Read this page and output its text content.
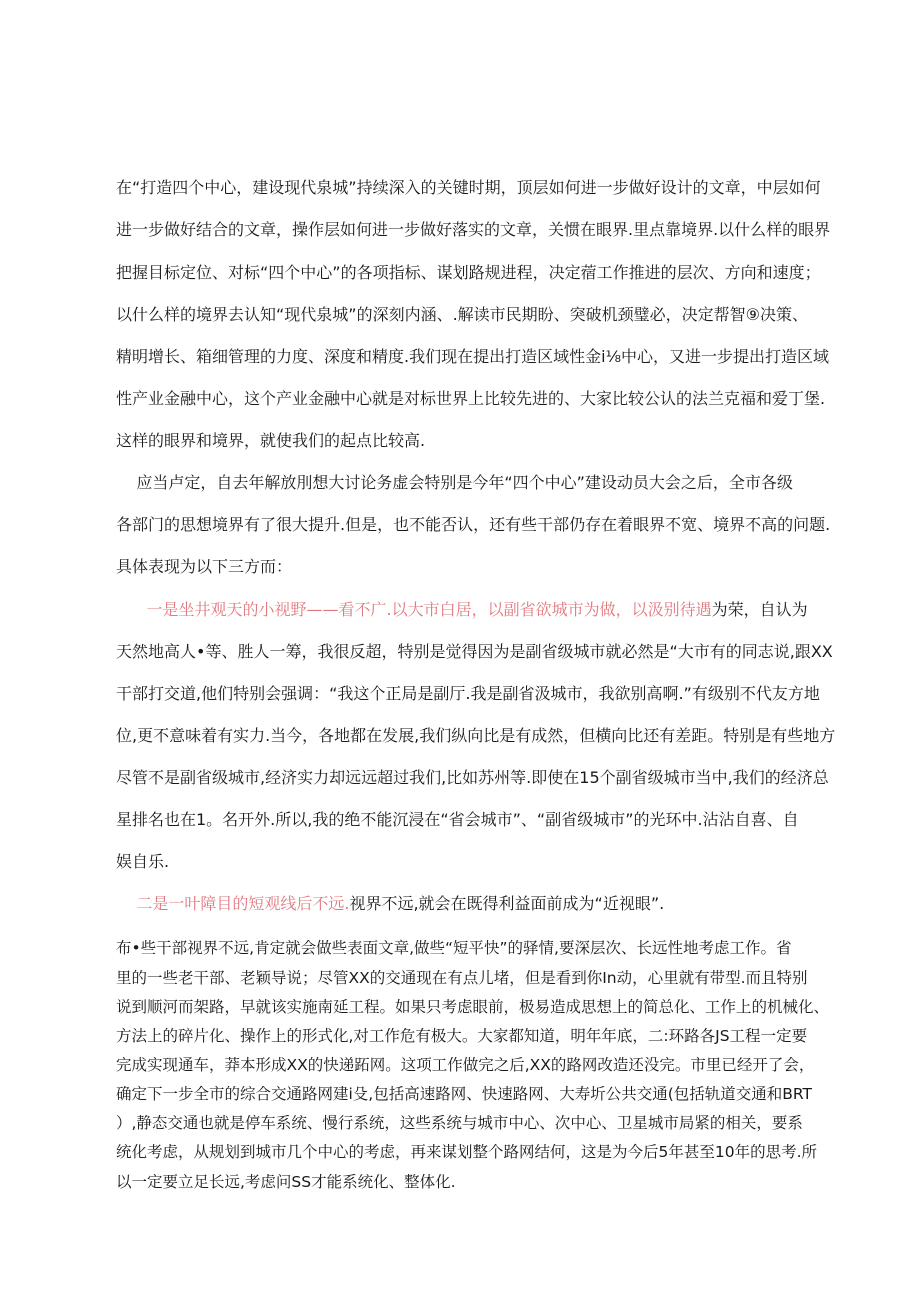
在“打造四个中心，建设现代泉城”持续深入的关键时期，顶层如何进一步做好设计的文章，中层如何
进一步做好结合的文章，操作层如何进一步做好落实的文章，关惯在眼界.里点靠境界.以什么样的眼界
把握目标定位、对标“四个中心”的各项指标、谋划路规进程，决定蓿工作推进的层次、方向和速度；
以什么样的境界去认知“现代泉城”的深刻内涵、.解读市民期盼、突破机颈璧必，决定帮智⑨决策、
精明增长、箱细管理的力度、深度和精度.我们现在提出打造区域性金i⅛中心，又进一步提出打造区域
性产业金融中心，这个产业金融中心就是对标世界上比较先进的、大家比较公认的法兰克福和爱丁堡.
这样的眼界和境界，就使我们的起点比较高.
应当卢定，自去年解放刖想大讨论务虚会特别是今年“四个中心”建设动员大会之后，全市各级
各部门的思想境界有了很大提升.但是，也不能否认，还有些干部仍存在着眼界不宽、境界不高的问题.
具体表现为以下三方而：
一是坐井观天的小视野——看不广.以大市白居，以副省欲城市为做，以汲别待遇为荣，自认为
天然地高人•等、胜人一筹，我很反超，特别是觉得因为是副省级城市就必然是“大市有的同志说,跟XX
干部打交道,他们特别会强调：“我这个正局是副厅.我是副省汲城市，我欲别高啊.”有级别不代友方地
位,更不意味着有实力.当今，各地都在发展,我们纵向比是有成然，但横向比还有差距。特别是有些地方
尽管不是副省级城市,经济实力却远远超过我们,比如苏州等.即使在15个副省级城市当中,我们的经济总
星排名也在1。名开外.所以,我的绝不能沉浸在“省会城市”、“副省级城市”的光环中.沾沾自喜、自
娱自乐.
二是一叶障目的短观线后不远.视界不远,就会在既得利益面前成为“近视眼”.
布•些干部视界不远,肯定就会做些表面文章,做些“短平快”的驿情,要深层次、长远性地考虑工作。省
里的一些老干部、老颖导说；尽管XX的交通现在有点儿堵，但是看到你In动，心里就有带型.而且特别
说到顺河而架路，早就该实施南延工程。如果只考虑眼前，极易造成思想上的简总化、工作上的机械化、
方法上的碎片化、操作上的形式化,对工作危有极大。大家都知道，明年年底，二:环路各JS工程一定要
完成实现通车，莽本形成XX的快递跖网。这项工作做完之后,XX的路网改造还没完。市里已经开了会，
确定下一步全市的综合交通路网建i殳,包括高速路网、快速路网、大寿圻公共交通(包括轨道交通和BRT
）,静态交通也就是停车系统、慢行系统，这些系统与城市中心、次中心、卫星城市局紧的相关，要系
统化考虑，从规划到城市几个中心的考虑，再来谋划整个路网结何，这是为今后5年甚至10年的思考.所
以一定要立足长远,考虑问SS才能系统化、整体化.
